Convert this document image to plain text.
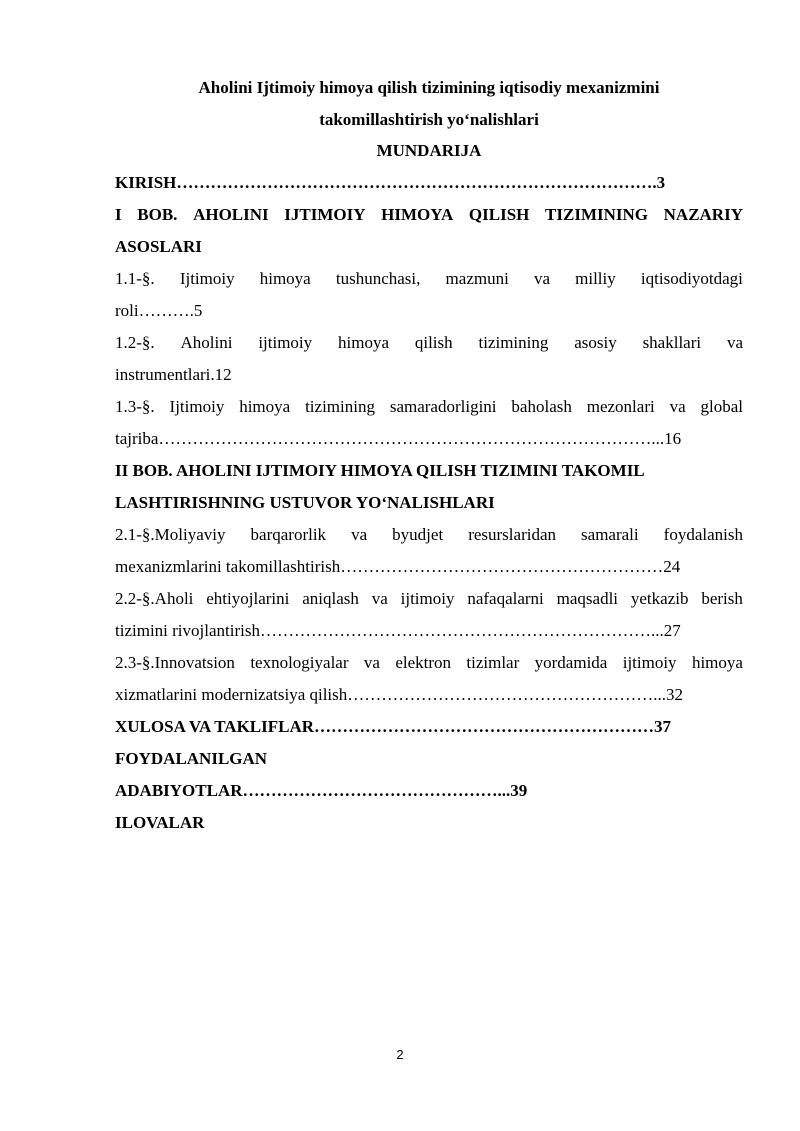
Aholini Ijtimoiy himoya qilish tizimining iqtisodiy mexanizmini
takomillashtirish yo‘nalishlari
MUNDARIJA
KIRISH………………………………………………………………………….3
I BOB. AHOLINI IJTIMOIY HIMOYA QILISH TIZIMINING NAZARIY
ASOSLARI
1.1-§. Ijtimoiy himoya tushunchasi, mazmuni va milliy iqtisodiyotdagi
roli……….5
1.2-§. Aholini ijtimoiy himoya qilish tizimining asosiy shakllari va
instrumentlari.12
1.3-§. Ijtimoiy himoya tizimining samaradorligini baholash mezonlari va global
tajriba……………………………………………………………………………...16
II BOB. AHOLINI IJTIMOIY HIMOYA QILISH TIZIMINI TAKOMIL
LASHTIRISHNING USTUVOR YO‘NALISHLARI
2.1-§.Moliyaviy barqarorlik va byudjet resurslaridan samarali foydalanish
mexanizmlarini takomillashtirish…………………………………………………24
2.2-§.Aholi ehtiyojlarini aniqlash va ijtimoiy nafaqalarni maqsadli yetkazib berish
tizimini rivojlantirish……………………………………………………………...27
2.3-§.Innovatsion texnologiyalar va elektron tizimlar yordamida ijtimoiy himoya
xizmatlarini modernizatsiya qilish………………………………………………...32
XULOSA VA TAKLIFLAR……………………………………………………37
FOYDALANILGAN
ADABIYOTLAR………………………………………...39
ILOVALAR
2
